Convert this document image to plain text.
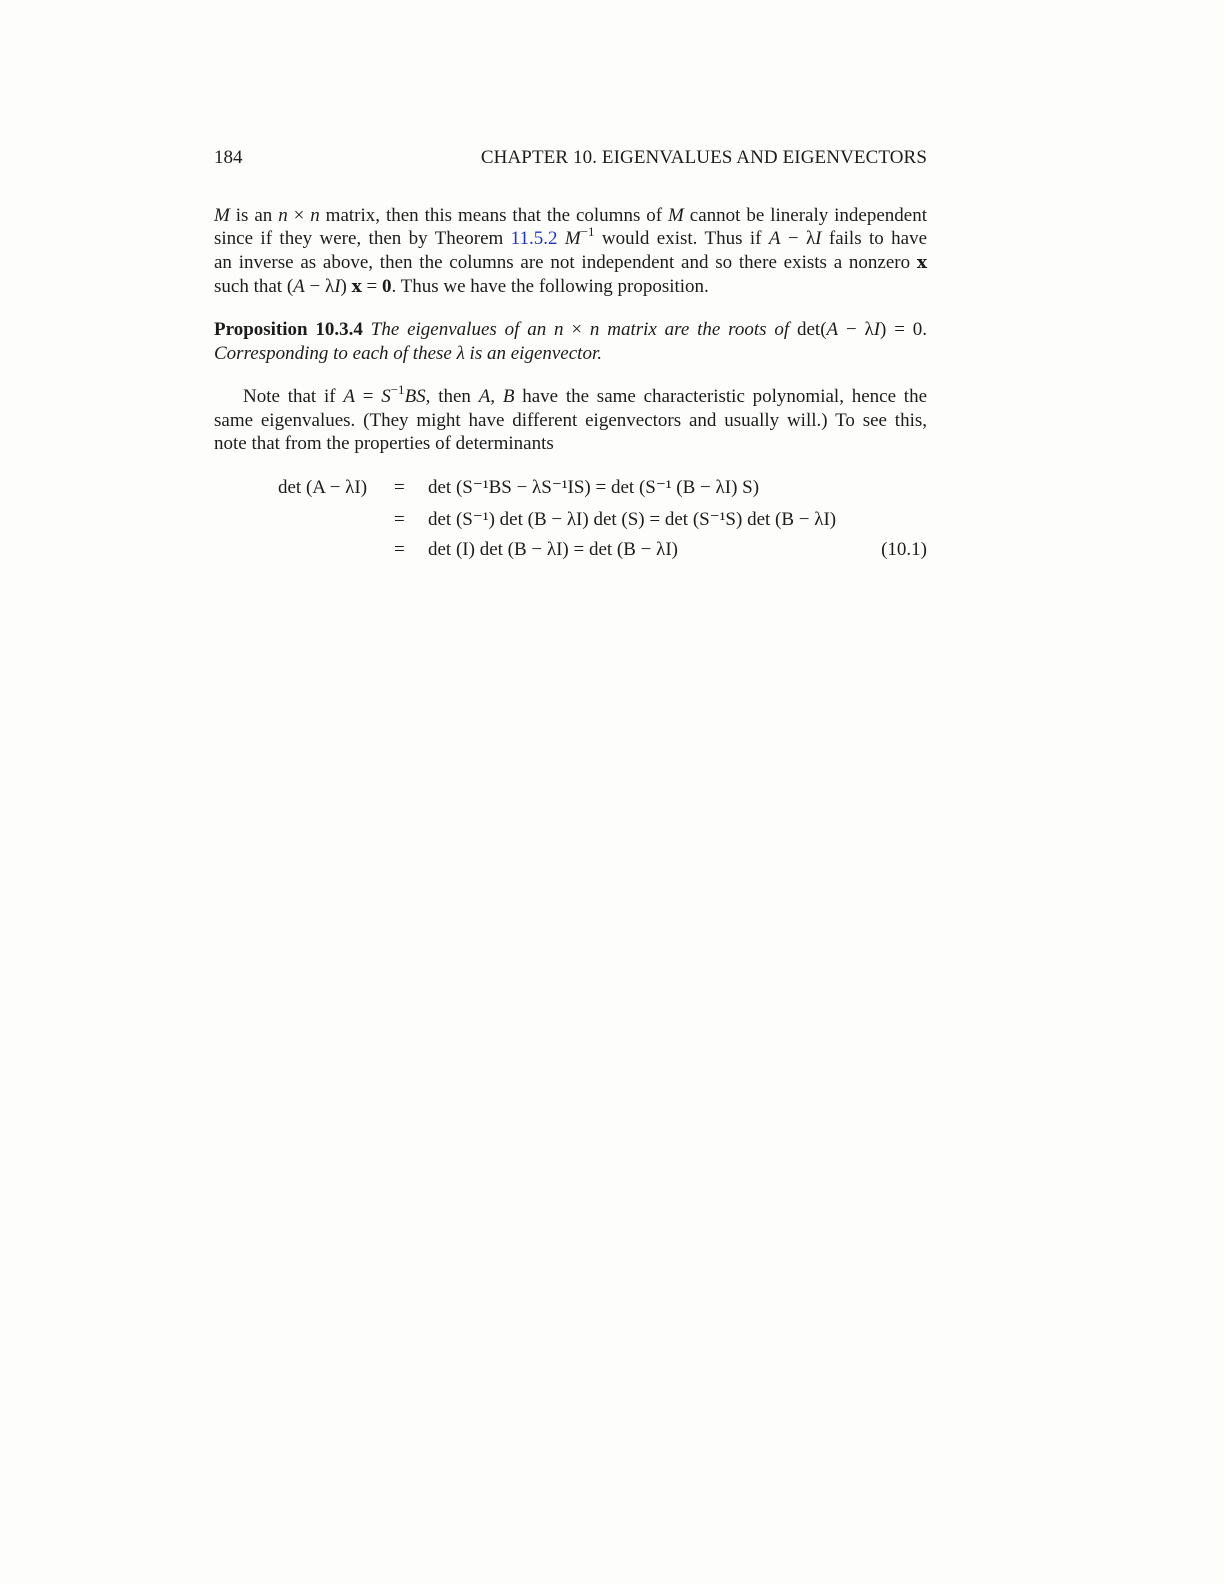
184	CHAPTER 10. EIGENVALUES AND EIGENVECTORS
M is an n × n matrix, then this means that the columns of M cannot be lineraly independent
since if they were, then by Theorem 11.5.2 $M^{-1}$ would exist. Thus if A − λI fails to have
an inverse as above, then the columns are not independent and so there exists a nonzero x
such that (A − λI) x = 0. Thus we have the following proposition.
Proposition 10.3.4 The eigenvalues of an n × n matrix are the roots of det(A − λI) = 0.
Corresponding to each of these λ is an eigenvector.
Note that if $A = S^{-1}BS$, then A, B have the same characteristic polynomial, hence the
same eigenvalues. (They might have different eigenvectors and usually will.) To see this,
note that from the properties of determinants
det (A − λI) = det (S⁻¹BS − λS⁻¹IS) = det (S⁻¹ (B − λI) S)
= det (S⁻¹) det (B − λI) det (S) = det (S⁻¹S) det (B − λI)
= det (I) det (B − λI) = det (B − λI)	(10.1)
